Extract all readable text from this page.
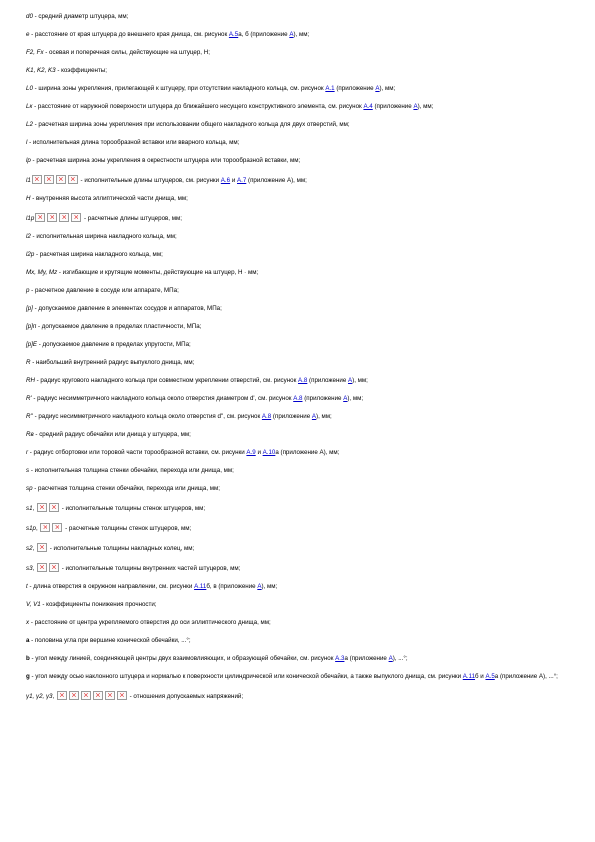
d0 - средний диаметр штуцера, мм;
e - расстояние от края штуцера до внешнего края днища, см. рисунок А.5а, б (приложение А), мм;
F2, Fx - осевая и поперечная силы, действующие на штуцер, Н;
K1, K2, K3 - коэффициенты;
L0 - ширина зоны укрепления, прилегающей к штуцеру, при отсутствии накладного кольца, см. рисунок А.1 (приложение А), мм;
Lк - расстояние от наружной поверхности штуцера до ближайшего несущего конструктивного элемента, см. рисунок А.4 (приложение А), мм;
L2 - расчетная ширина зоны укрепления при использовании общего накладного кольца для двух отверстий, мм;
l - исполнительная длина торообразной вставки или вварного кольца, мм;
lр - расчетная ширина зоны укрепления в окрестности штуцера или торообразной вставки, мм;
l1	- исполнительные длины штуцеров, см. рисунки А.6 и А.7 (приложение А), мм;
H - внутренняя высота эллиптической части днища, мм;
l1р	- расчетные длины штуцеров, мм;
l2 - исполнительная ширина накладного кольца, мм;
l2р - расчетная ширина накладного кольца, мм;
Mx, My, Mz - изгибающие и крутящие моменты, действующие на штуцер, Н · мм;
p - расчетное давление в сосуде или аппарате, МПа;
[p] - допускаемое давление в элементах сосудов и аппаратов, МПа;
[p]п - допускаемое давление в пределах пластичности, МПа;
[p]E - допускаемое давление в пределах упругости, МПа;
R - наибольший внутренний радиус выпуклого днища, мм;
RН - радиус кругового накладного кольца при совместном укреплении отверстий, см. рисунок А.8 (приложение А), мм;
R' - радиус несимметричного накладного кольца около отверстия диаметром d', см. рисунок А.8 (приложение А), мм;
R'' - радиус несимметричного накладного кольца около отверстия d'', см. рисунок А.8 (приложение А), мм;
Rв - средний радиус обечайки или днища у штуцера, мм;
r - радиус отбортовки или торовой части торообразной вставки, см. рисунки А.9 и А.10а (приложение А), мм;
s - исполнительная толщина стенки обечайки, перехода или днища, мм;
sр - расчетная толщина стенки обечайки, перехода или днища, мм;
s1,	- исполнительные толщины стенок штуцеров, мм;
s1р,	- расчетные толщины стенок штуцеров, мм;
s2,  - исполнительные толщины накладных колец, мм;
s3,	- исполнительные толщины внутренних частей штуцеров, мм;
t - длина отверстия в окружном направлении, см. рисунки А.11б, в (приложение А), мм;
V, V1 - коэффициенты понижения прочности;
x - расстояние от центра укрепляемого отверстия до оси эллиптического днища, мм;
a - половина угла при вершине конической обечайки, ...°;
b - угол между линией, соединяющей центры двух взаимовлияющих, и образующей обечайки, см. рисунок А.3а (приложение А), ...°;
g - угол между осью наклонного штуцера и нормалью к поверхности цилиндрической или конической обечайки, а также выпуклого днища, см. рисунки А.11б и А.5а (приложение А), ...°;
γ1, γ2, γ3,	- отношения допускаемых напряжений;
